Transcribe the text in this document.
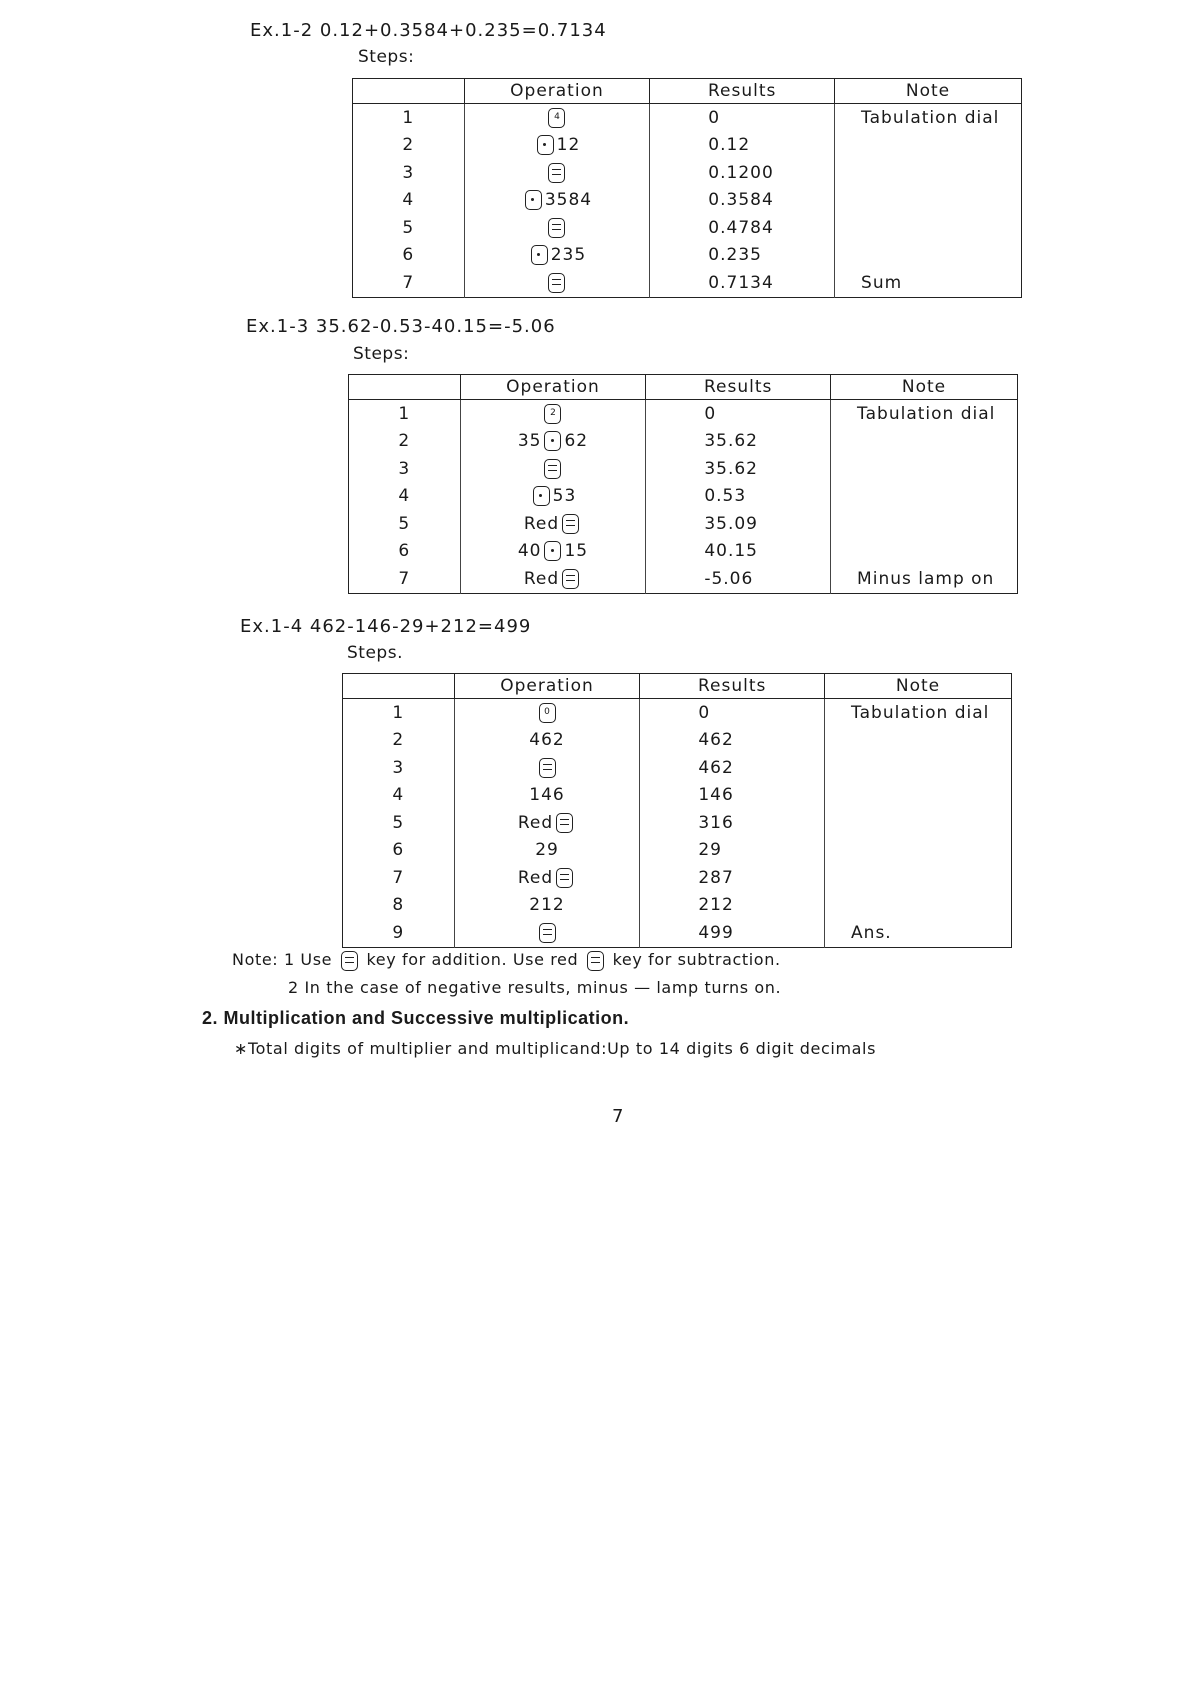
Ex.1-2 0.12+0.3584+0.235=0.7134
Steps:
	Operation	Results	Note
1	4	0	Tabulation dial
2	12	0.12	
3		0.1200	
4	3584	0.3584	
5		0.4784	
6	235	0.235	
7		0.7134	Sum
Ex.1-3 35.62-0.53-40.15=-5.06
Steps:
	Operation	Results	Note
1	2	0	Tabulation dial
2	35 62	35.62	
3		35.62	
4	53	0.53	
5	Red	35.09	
6	40 15	40.15	
7	Red	-5.06	Minus lamp on
Ex.1-4 462-146-29+212=499
Steps.
	Operation	Results	Note
1	0	0	Tabulation dial
2	462	462	
3		462	
4	146	146	
5	Red	316	
6	29	29	
7	Red	287	
8	212	212	
9		499	Ans.
Note: 1 Use key for addition. Use red key for subtraction.
2 In the case of negative results, minus — lamp turns on.
2. Multiplication and Successive multiplication.
∗Total digits of multiplier and multiplicand:Up to 14 digits 6 digit decimals
7
